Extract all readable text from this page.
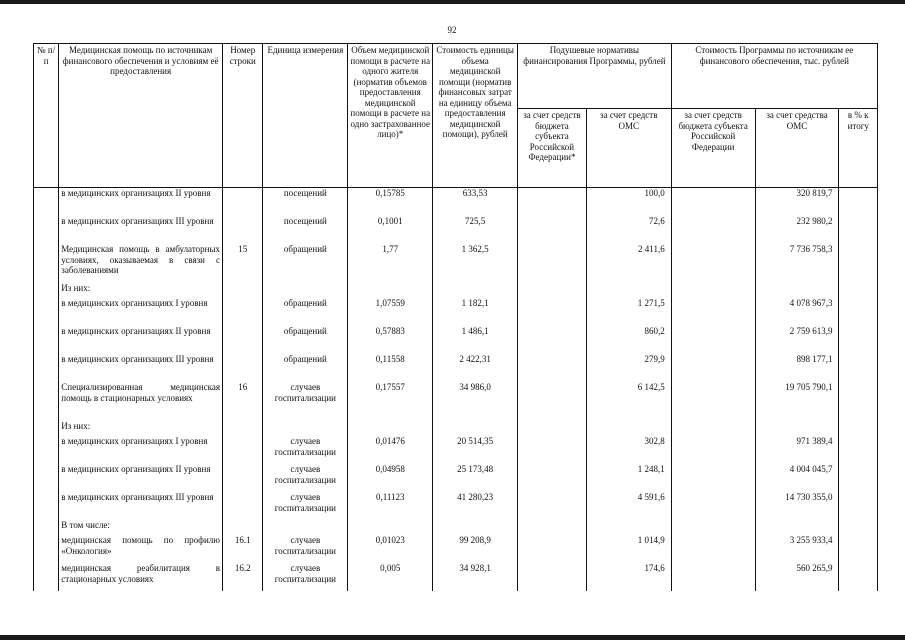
92
№ п/п	Медицинская помощь по источникам финансового обеспечения и условиям её предоставления	Номер строки	Единица измерения	Объем медицинской помощи в расчете на одного жителя (норматив объемов предоставления медицинской помощи в расчете на одно застрахованное лицо)*	Стоимость единицы объема медицинской помощи (норматив финансовых затрат на единицу объема предоставления медицинской помощи), рублей	Подушевые нормативы финансирования Программы, рублей		Стоимость Программы по источникам ее финансового обеспечения, тыс. рублей		
						за счет средств бюджета субъекта Российской Федерации*	за счет средств ОМС	за счет средств бюджета субъекта Российской Федерации	за счет средства ОМС	в % к итогу
	в медицинских организациях II уровня		посещений	0,15785	633,53		100,0		320 819,7	
	в медицинских организациях III уровня		посещений	0,1001	725,5		72,6		232 980,2	
	Медицинская помощь в амбулаторных условиях, оказываемая в связи с заболеваниями	15	обращений	1,77	1 362,5		2 411,6		7 736 758,3	
	Из них:									
	в медицинских организациях I уровня		обращений	1,07559	1 182,1		1 271,5		4 078 967,3	
	в медицинских организациях II уровня		обращений	0,57883	1 486,1		860,2		2 759 613,9	
	в медицинских организациях III уровня		обращений	0,11558	2 422,31		279,9		898 177,1	
	Специализированная медицинская помощь в стационарных условиях	16	случаев госпитализации	0,17557	34 986,0		6 142,5		19 705 790,1	
	Из них:									
	в медицинских организациях I уровня		случаев госпитализации	0,01476	20 514,35		302,8		971 389,4	
	в медицинских организациях II уровня		случаев госпитализации	0,04958	25 173,48		1 248,1		4 004 045,7	
	в медицинских организациях III уровня		случаев госпитализации	0,11123	41 280,23		4 591,6		14 730 355,0	
	В том числе:									
	медицинская помощь по профилю «Онкология»	16.1	случаев госпитализации	0,01023	99 208,9		1 014,9		3 255 933,4	
	медицинская реабилитация в стационарных условиях	16.2	случаев госпитализации	0,005	34 928,1		174,6		560 265,9	
